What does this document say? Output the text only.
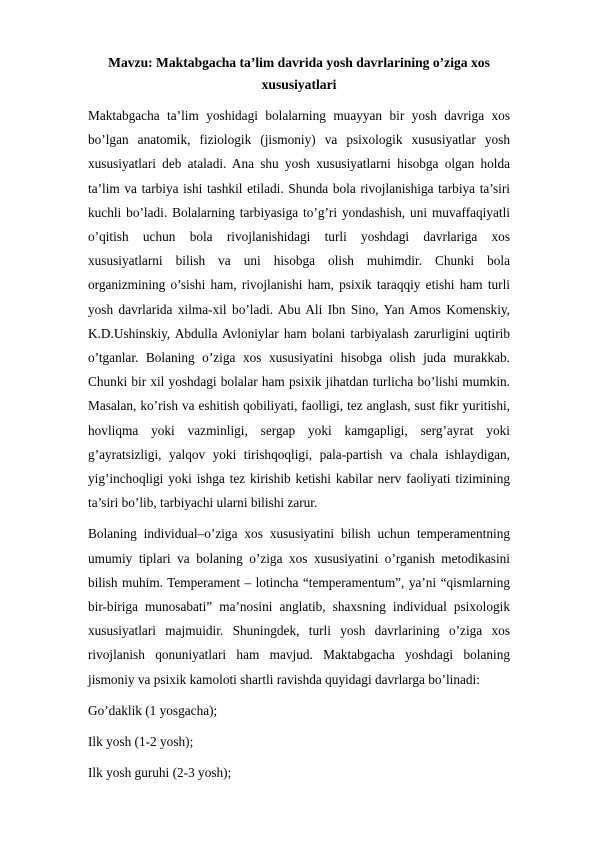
Mavzu: Maktabgacha ta’lim davrida yosh davrlarining o’ziga xos xususiyatlari

Maktabgacha ta’lim yoshidagi bolalarning muayyan bir yosh davriga xos bo’lgan anatomik, fiziologik (jismoniy) va psixologik xususiyatlar yosh xususiyatlari deb ataladi. Ana shu yosh xususiyatlarni hisobga olgan holda ta’lim va tarbiya ishi tashkil etiladi. Shunda bola rivojlanishiga tarbiya ta’siri kuchli bo’ladi. Bolalarning tarbiyasiga to’g’ri yondashish, uni muvaffaqiyatli o’qitish uchun bola rivojlanishidagi turli yoshdagi davrlariga xos xususiyatlarni bilish va uni hisobga olish muhimdir. Chunki bola organizmining o’sishi ham, rivojlanishi ham, psixik taraqqiy etishi ham turli yosh davrlarida xilma-xil bo’ladi. Abu Ali Ibn Sino, Yan Amos Komenskiy, K.D.Ushinskiy, Abdulla Avloniylar ham bolani tarbiyalash zarurligini uqtirib o’tganlar. Bolaning o’ziga xos xususiyatini hisobga olish juda murakkab. Chunki bir xil yoshdagi bolalar ham psixik jihatdan turlicha bo’lishi mumkin. Masalan, ko’rish va eshitish qobiliyati, faolligi, tez anglash, sust fikr yuritishi, hovliqma yoki vazminligi, sergap yoki kamgapligi, serg’ayrat yoki g’ayratsizligi, yalqov yoki tirishqoqligi, pala-partish va chala ishlaydigan, yig’inchoqligi yoki ishga tez kirishib ketishi kabilar nerv faoliyati tizimining ta’siri bo’lib, tarbiyachi ularni bilishi zarur.

Bolaning individual–o’ziga xos xususiyatini bilish uchun temperamentning umumiy tiplari va bolaning o’ziga xos xususiyatini o’rganish metodikasini bilish muhim. Temperament – lotincha “temperamentum”, ya’ni “qismlarning bir-biriga munosabati” ma’nosini anglatib, shaxsning individual psixologik xususiyatlari majmuidir. Shuningdek, turli yosh davrlarining o’ziga xos rivojlanish qonuniyatlari ham mavjud. Maktabgacha yoshdagi bolaning jismoniy va psixik kamoloti shartli ravishda quyidagi davrlarga bo’linadi:

Go’daklik (1 yosgacha);

Ilk yosh (1-2 yosh);

Ilk yosh guruhi (2-3 yosh);
